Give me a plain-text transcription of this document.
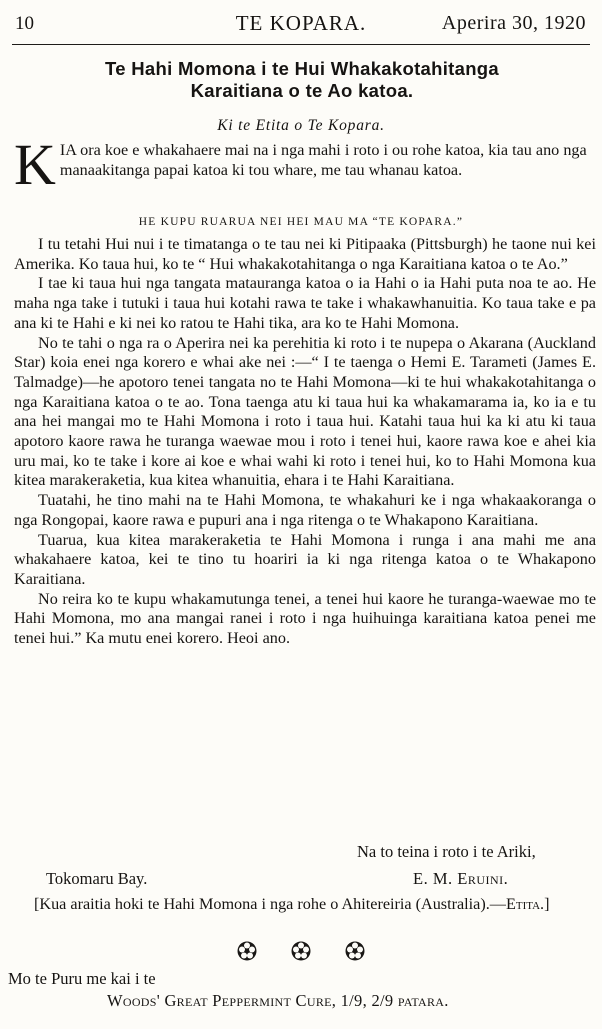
10	TE KOPARA.	Aperira 30, 1920
Te Hahi Momona i te Hui Whakakotahitanga
Karaitiana o te Ao katoa.
Ki te Etita o Te Kopara.
K IA ora koe e whakahaere mai na i nga mahi i roto i ou rohe katoa, kia tau ano nga manaakitanga papai katoa ki tou whare, me tau whanau katoa.
HE KUPU RUARUA NEI HEI MAU MA “TE KOPARA.”

I tu tetahi Hui nui i te timatanga o te tau nei ki Pitipaaka (Pittsburgh) he taone nui kei Amerika. Ko taua hui, ko te “ Hui whakakotahitanga o nga Karaitiana katoa o te Ao.”

I tae ki taua hui nga tangata matauranga katoa o ia Hahi o ia Hahi puta noa te ao. He maha nga take i tutuki i taua hui kotahi rawa te take i whakawhanuitia. Ko taua take e pa ana ki te Hahi e ki nei ko ratou te Hahi tika, ara ko te Hahi Momona.

No te tahi o nga ra o Aperira nei ka perehitia ki roto i te nupepa o Akarana (Auckland Star) koia enei nga korero e whai ake nei :—“ I te taenga o Hemi E. Tarameti (James E. Talmadge)—he apotoro tenei tangata no te Hahi Momona—ki te hui whakakotahitanga o nga Karaitiana katoa o te ao. Tona taenga atu ki taua hui ka whakamarama ia, ko ia e tu ana hei mangai mo te Hahi Momona i roto i taua hui. Katahi taua hui ka ki atu ki taua apotoro kaore rawa he turanga waewae mou i roto i tenei hui, kaore rawa koe e ahei kia uru mai, ko te take i kore ai koe e whai wahi ki roto i tenei hui, ko to Hahi Momona kua kitea marakeraketia, kua kitea whanuitia, ehara i te Hahi Karaitiana.

Tuatahi, he tino mahi na te Hahi Momona, te whakahuri ke i nga whakaakoranga o nga Rongopai, kaore rawa e pupuri ana i nga ritenga o te Whakapono Karaitiana.

Tuarua, kua kitea marakeraketia te Hahi Momona i runga i ana mahi me ana whakahaere katoa, kei te tino tu hoariri ia ki nga ritenga katoa o te Whakapono Karaitiana.

No reira ko te kupu whakamutunga tenei, a tenei hui kaore he turanga-waewae mo te Hahi Momona, mo ana mangai ranei i roto i nga huihuinga karaitiana katoa penei me tenei hui.” Ka mutu enei korero. Heoi ano.

Na to teina i roto i te Ariki,
Tokomaru Bay.	E. M. Eruini.
[Kua araitia hoki te Hahi Momona i nga rohe o Ahitereiria (Australia).—Etita.]

Mo te Puru me kai i te
Woods' Great Peppermint Cure, 1/9, 2/9 patara.
